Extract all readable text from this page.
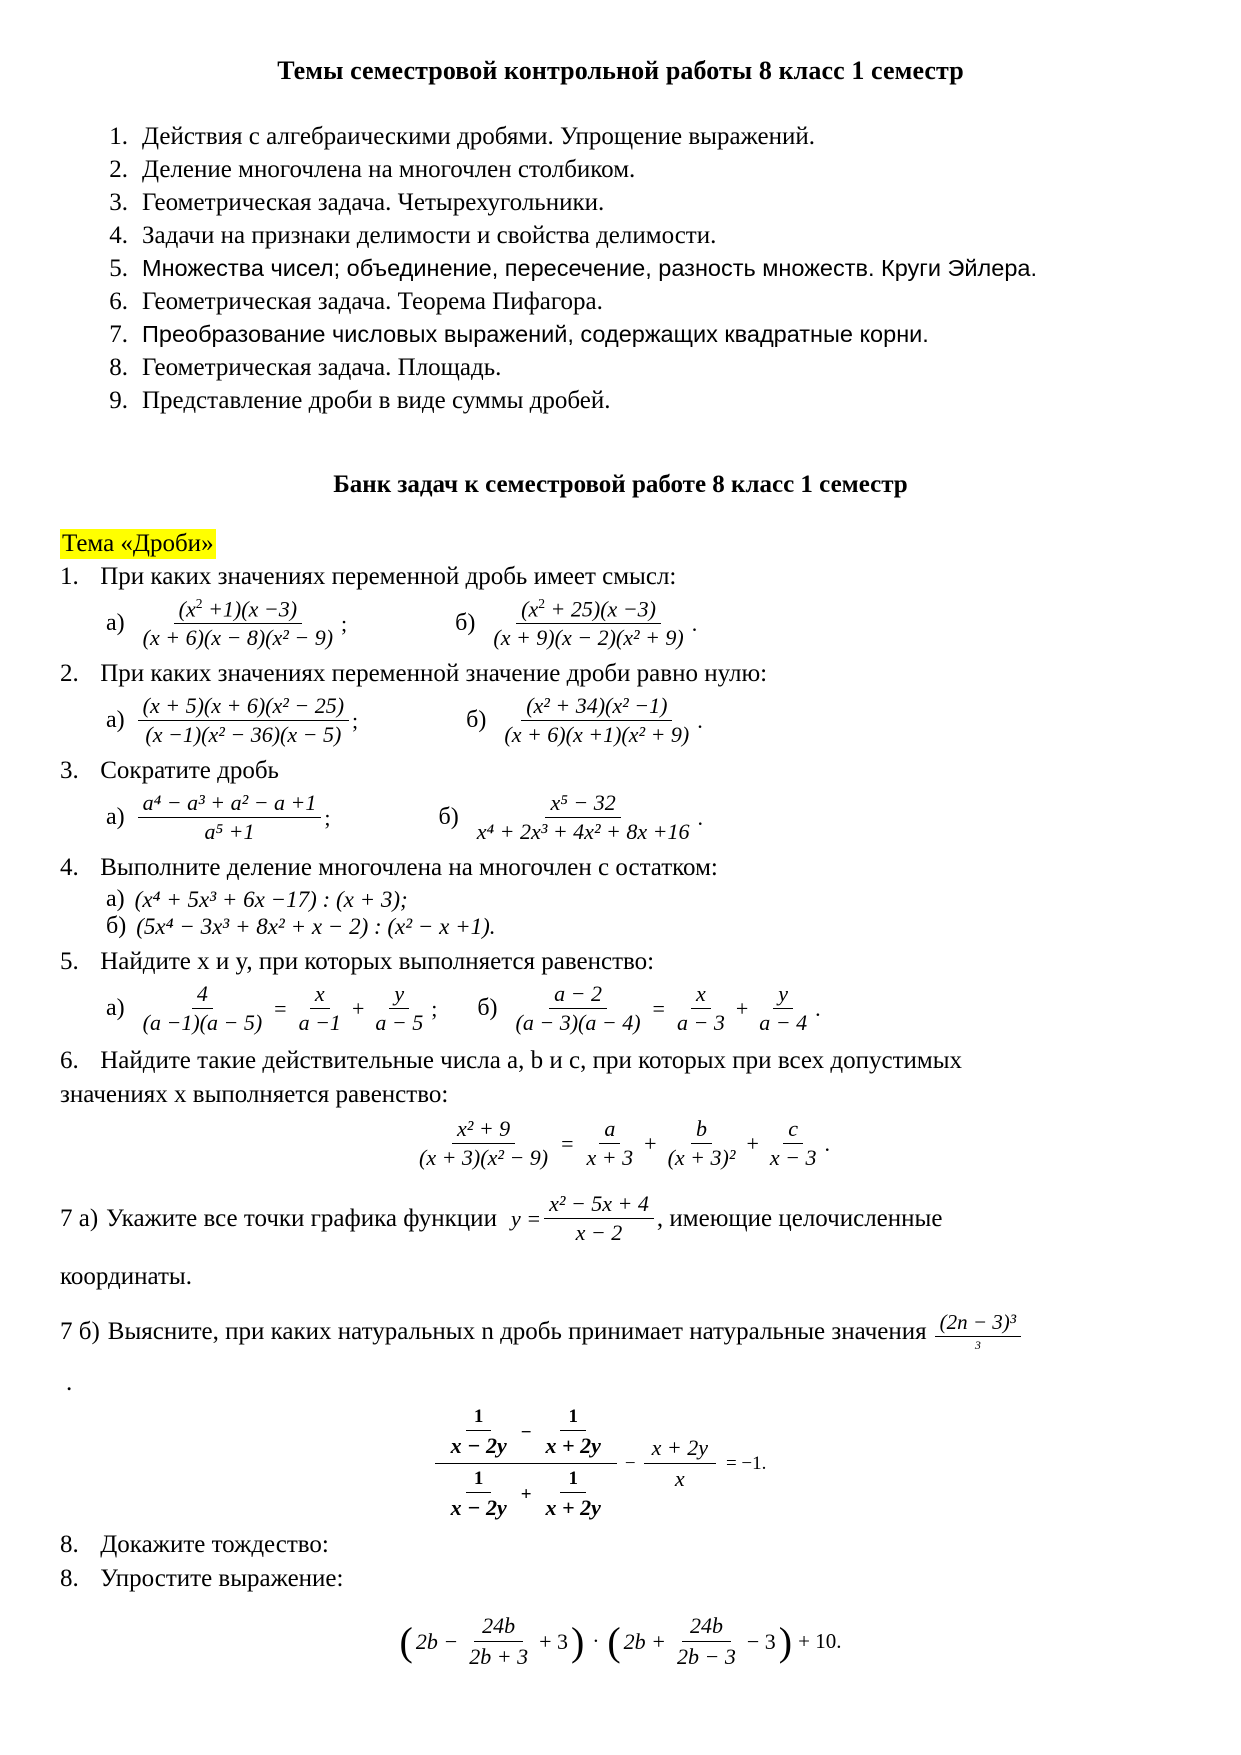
Темы семестровой контрольной работы 8 класс 1 семестр
1. Действия с алгебраическими дробями. Упрощение выражений.
2. Деление многочлена на многочлен столбиком.
3. Геометрическая задача. Четырехугольники.
4. Задачи на признаки делимости и свойства делимости.
5. Множества чисел; объединение, пересечение, разность множеств. Круги Эйлера.
6. Геометрическая задача. Теорема Пифагора.
7. Преобразование числовых выражений, содержащих квадратные корни.
8. Геометрическая задача. Площадь.
9. Представление дроби в виде суммы дробей.
Банк задач к семестровой работе 8 класс 1 семестр
Тема «Дроби»
1. При каких значениях переменной дробь имеет смысл:
$а) \frac{(x^2 +1)(x -3)}{\text{(x + 6)(x − 8)(x² − 9)}}$ ;	$б) \frac{(x^2 + 25)(x -3)}{\text{(x + 9)(x − 2)(x² + 9)}}$ .
2. При каких значениях переменной значение дроби равно нулю:
$а) \frac{\text{(x + 5)(x + 6)(x² − 25)}}{\text{(x −1)(x² − 36)(x − 5)}}$ ;	$б) \frac{\text{(x² + 34)(x² −1)}}{\text{(x + 6)(x +1)(x² + 9)}}$ .
3. Сократите дробь
$а) \frac{\text{a⁴ − a³ + a² − a +1}}{\text{a⁵ +1}}$ ;	$б) \frac{\text{x⁵ − 32}}{\text{x⁴ + 2x³ + 4x² + 8x +16}}$ .
4. Выполните деление многочлена на многочлен с остатком:
а) (x⁴ + 5x³ + 6x −17) : (x + 3);
б) (5x⁴ − 3x³ + 8x² + x − 2) : (x² − x +1).
5. Найдите x и y, при которых выполняется равенство:
$а) \frac{4}{(a -1)(a - 5)} = \frac{x}{a -1} + \frac{y}{a - 5}$ ; $б) \frac{a - 2}{(a - 3)(a - 4)} = \frac{x}{a - 3} + \frac{y}{a - 4}$ .
6. Найдите такие действительные числа a, b и c, при которых при всех допустимых
значениях x выполняется равенство:
$\frac{\text{x² + 9}}{\text{(x + 3)(x² − 9)}} = \frac{a}{x + 3} + \frac{b}{\text{(x + 3)²}} + \frac{c}{x - 3}$ .
7 а) Укажите все точки графика функции $y = \frac{\text{x² − 5x + 4}}{x - 2}$ , имеющие целочисленные
координаты.
7 б) Выясните, при каких натуральных n дробь принимает натуральные значения $\frac{\text{(2n − 3)³}}{3}$
.
$\frac{1}{x - 2y} - \frac{1}{x + 2y}$
$\frac{1}{x - 2y} + \frac{1}{x + 2y}$
− $\frac{x + 2y}{x} = -1$.
8. Докажите тождество:
8. Упростите выражение:
( $2b - \frac{24b}{2b + 3} + 3$ ) · ( $2b + \frac{24b}{2b - 3} - 3$ ) + 10.
